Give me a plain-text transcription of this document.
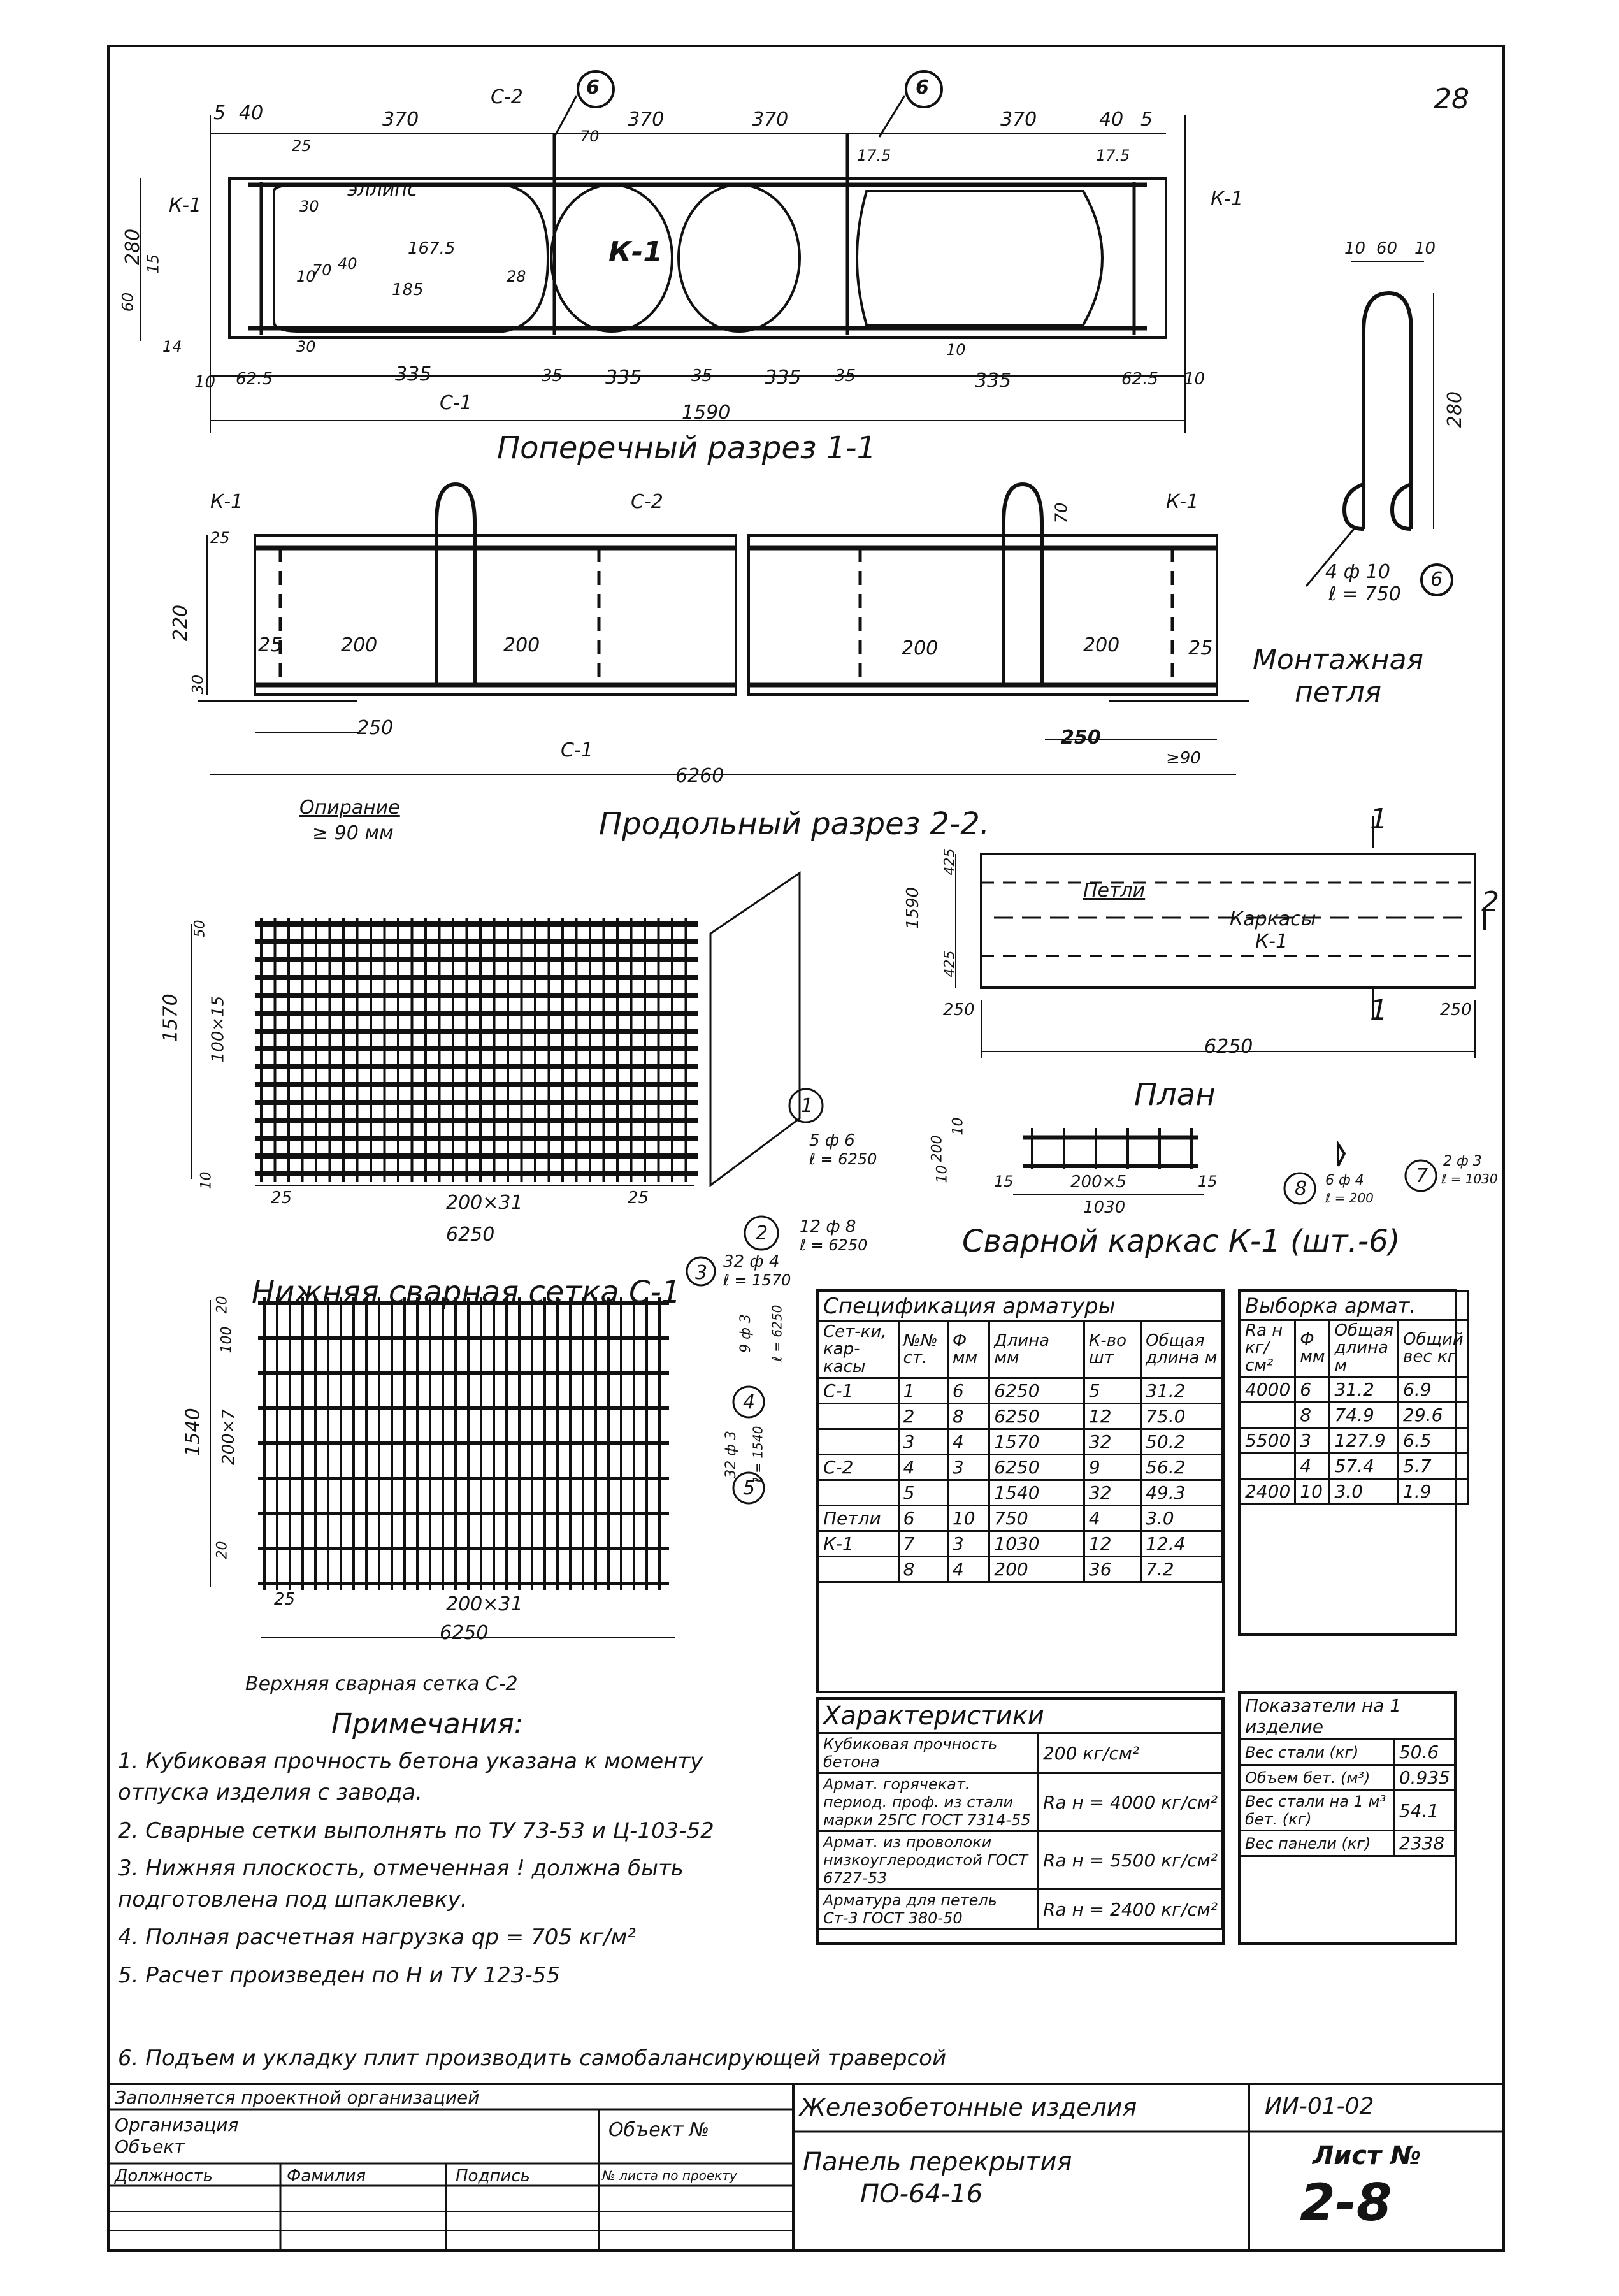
28
С-2	6	6
К-1	К-1
К-1
эллипс
С-1
5 40	370	370	370	370	40 5
25
70
17.5	17.5
30
70 40
167.5
185
10	28
30	10
280
60
15
14
10 62.5	335	35 335	35	335 35	335	62.5 10
1590
Поперечный разрез 1-1
10 60 10
280
4 ф 10
ℓ = 750
6
Монтажная петля
К-1	К-1
С-2
С-1
25
220
30
25	200	200	200	200	25
70
250	250
≥90
6260
Опирание
≥ 90 мм	Продольный разрез 2-2.	1
1
2
Петли
Каркасы
К-1
425
1590
425
250	250
6250
План
50
1570 100×15
10
25	200×31	25
6250
1
5 ф 6
ℓ = 6250
2 12 ф 8
ℓ = 6250
3 32 ф 4
ℓ = 1570
Нижняя сварная сетка С-1
20
100
1540 200×7
20
25	200×31
6250
9 ф 3 ℓ = 6250
4
32 ф 3 ℓ = 1540
5
Верхняя сварная сетка С-2
200
10
10	15	200×5	15
1030
8 6 ф 4
ℓ = 200
7
2 ф 3
ℓ = 1030
Сварной каркас К-1 (шт.-6)
Спецификация арматуры					
Сет-ки, кар-касы	№№ ст.	Ф мм	Длина мм	К-во шт	Общая длина м
С-1	1	6	6250	5	31.2
	2	8	6250	12	75.0
	3	4	1570	32	50.2
С-2	4	3	6250	9	56.2
	5		1540	32	49.3
Петли	6	10	750	4	3.0
К-1	7	3	1030	12	12.4
	8	4	200	36	7.2
Выборка армат.			
Rа н кг/см²	Ф мм	Общая длина м	Общий вес кг
4000	6	31.2	6.9
	8	74.9	29.6
5500	3	127.9	6.5
	4	57.4	5.7
2400	10	3.0	1.9
Характеристики	
Кубиковая прочность бетона	200 кг/см²
Армат. горячекат. период. проф. из стали марки 25ГС ГОСТ 7314-55	Rа н = 4000 кг/см²
Армат. из проволоки низкоуглеродистой ГОСТ 6727-53	Rа н = 5500 кг/см²
Арматура для петель Ст-3 ГОСТ 380-50	Rа н = 2400 кг/см²
Показатели на 1 изделие	
Вес стали (кг)	50.6
Объем бет. (м³)	0.935
Вес стали на 1 м³ бет. (кг)	54.1
Вес панели (кг)	2338
Примечания:
1. Кубиковая прочность бетона указана к моменту отпуска изделия с завода.
2. Сварные сетки выполнять по ТУ 73-53 и Ц-103-52
3. Нижняя плоскость, отмеченная ! должна быть подготовлена под шпаклевку.
4. Полная расчетная нагрузка qр = 705 кг/м²
5. Расчет произведен по Н и ТУ 123-55
6. Подъем и укладку плит производить самобалансирующей траверсой
Заполняется проектной организацией
Организация
Объект
Объект №
Должность	Фамилия	Подпись	№ листа по проекту
Железобетонные изделия	ИИ-01-02
Панель перекрытия
ПО-64-16
Лист №
2-8
